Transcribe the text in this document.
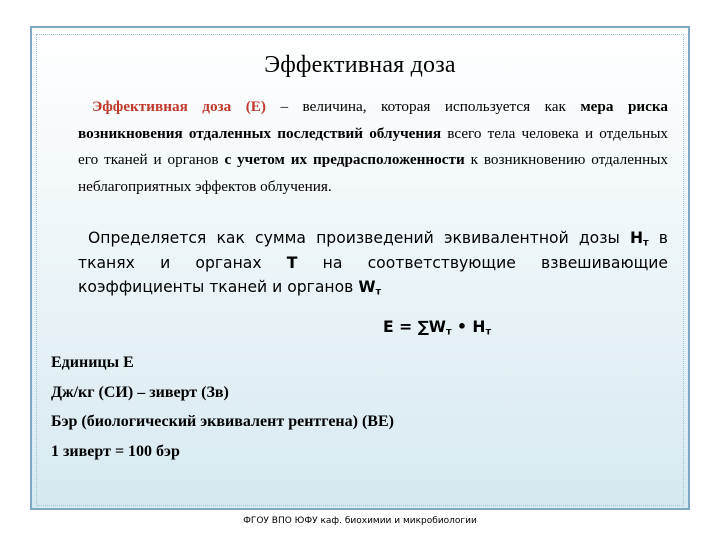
Эффективная доза

Эффективная доза (Е) – величина, которая используется как мера риска возникновения отдаленных последствий облучения всего тела человека и отдельных его тканей и органов с учетом их предрасположенности к возникновению отдаленных неблагоприятных эффектов облучения.

Определяется как сумма произведений эквивалентной дозы $H_т$ в тканях и органах T на соответствующие взвешивающие коэффициенты тканей и органов $W_т$

$E = \sum W_т$ • $H_т$
Единицы Е
Дж/кг (СИ) – зиверт (Зв)
Бэр (биологический эквивалент рентгена) (BE)
1 зиверт = 100 бэр
ФГОУ ВПО ЮФУ каф. биохимии и микробиологии
